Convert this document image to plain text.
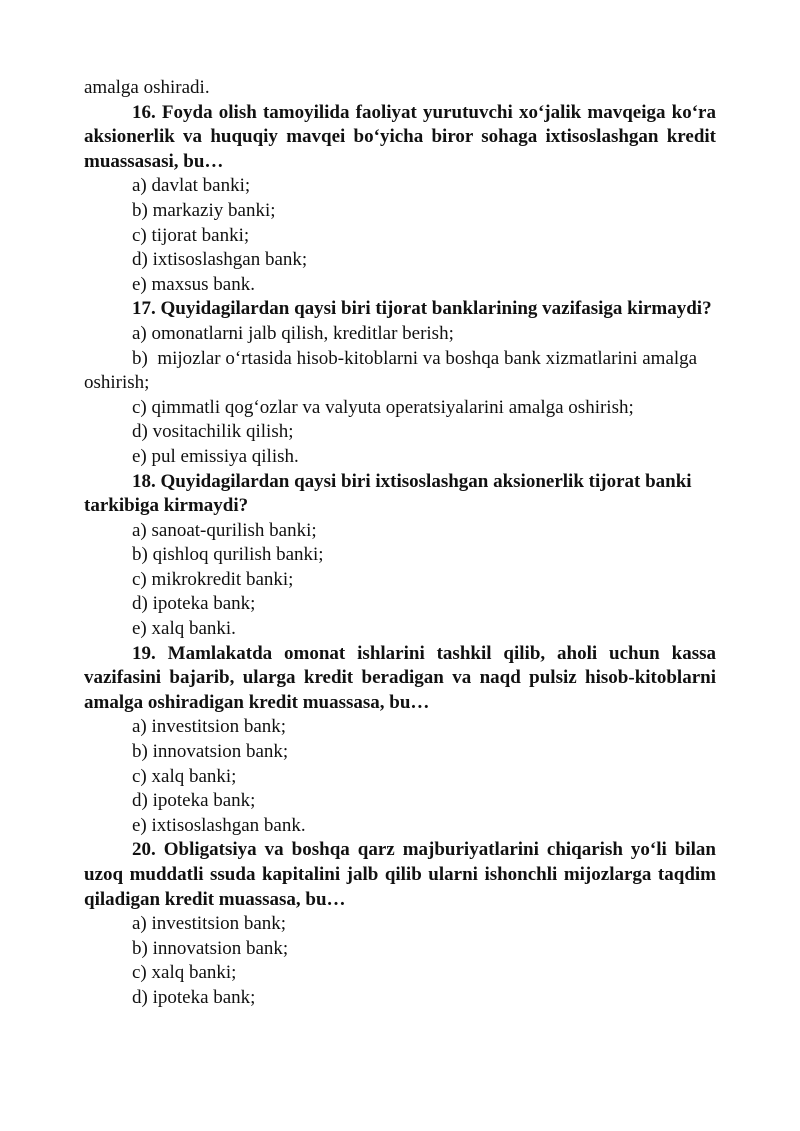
amalga oshiradi.

16. Foyda olish tamoyilida faoliyat yurutuvchi xo‘jalik mavqeiga ko‘ra aksionerlik va huquqiy mavqei bo‘yicha biror sohaga ixtisoslashgan kredit muassasasi, bu…

a) davlat banki;

b) markaziy banki;

c) tijorat banki;

d) ixtisoslashgan bank;

e) maxsus bank.

17. Quyidagilardan qaysi biri tijorat banklarining vazifasiga kirmaydi?

a) omonatlarni jalb qilish, kreditlar berish;

b)  mijozlar o‘rtasida hisob-kitoblarni va boshqa bank xizmatlarini amalga oshirish;

c) qimmatli qog‘ozlar va valyuta operatsiyalarini amalga oshirish;

d) vositachilik qilish;

e) pul emissiya qilish.

18. Quyidagilardan qaysi biri ixtisoslashgan aksionerlik tijorat banki tarkibiga kirmaydi?

a) sanoat-qurilish banki;

b) qishloq qurilish banki;

c) mikrokredit banki;

d) ipoteka bank;

e) xalq banki.

19. Mamlakatda omonat ishlarini tashkil qilib, aholi uchun kassa vazifasini bajarib, ularga kredit beradigan va naqd pulsiz hisob-kitoblarni amalga oshiradigan kredit muassasa, bu…

a) investitsion bank;

b) innovatsion bank;

c) xalq banki;

d) ipoteka bank;

e) ixtisoslashgan bank.

20. Obligatsiya va boshqa qarz majburiyatlarini chiqarish yo‘li bilan uzoq muddatli ssuda kapitalini jalb qilib ularni ishonchli mijozlarga taqdim qiladigan kredit muassasa, bu…

a) investitsion bank;

b) innovatsion bank;

c) xalq banki;

d) ipoteka bank;
